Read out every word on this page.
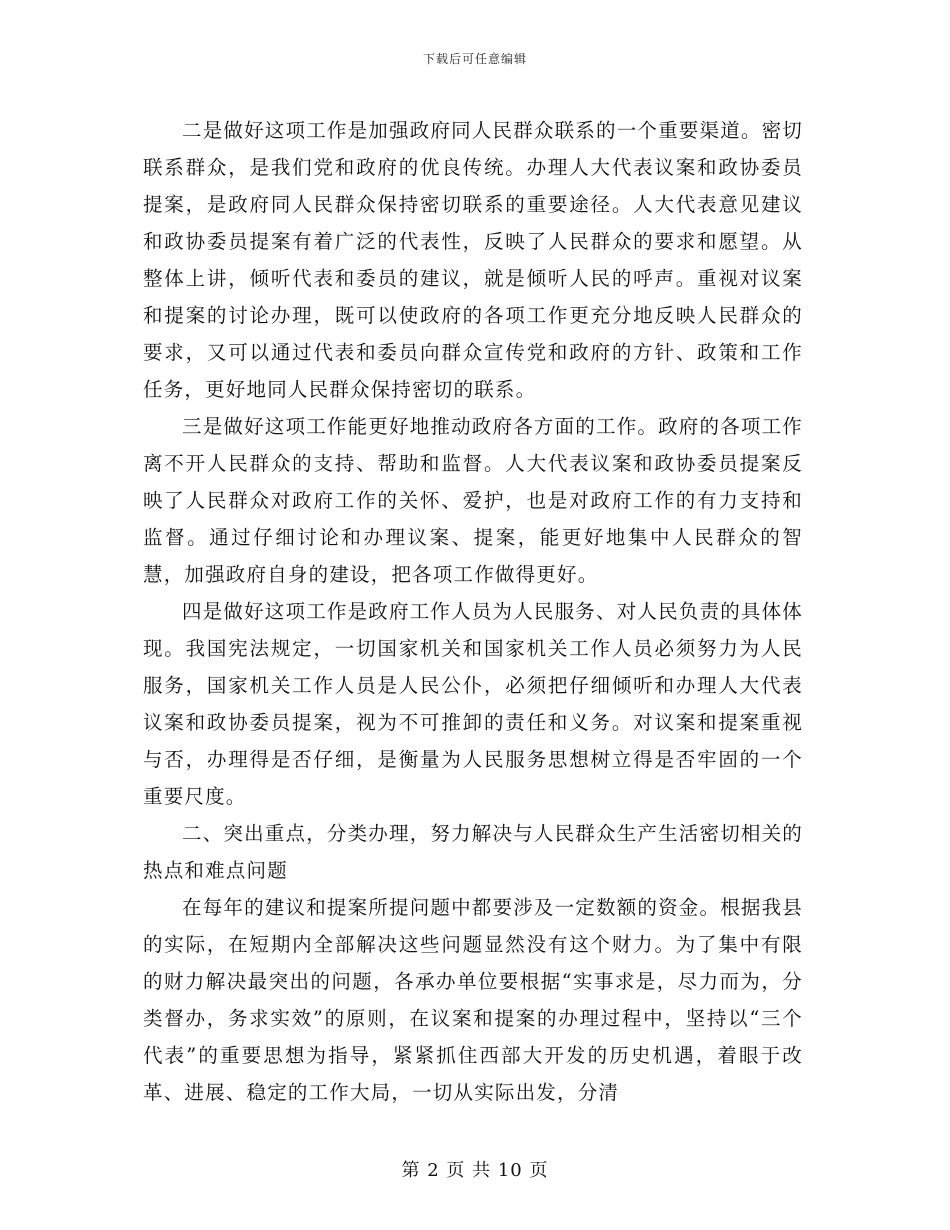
下载后可任意编辑

二是做好这项工作是加强政府同人民群众联系的一个重要渠道。密切联系群众，是我们党和政府的优良传统。办理人大代表议案和政协委员提案，是政府同人民群众保持密切联系的重要途径。人大代表意见建议和政协委员提案有着广泛的代表性，反映了人民群众的要求和愿望。从整体上讲，倾听代表和委员的建议，就是倾听人民的呼声。重视对议案和提案的讨论办理，既可以使政府的各项工作更充分地反映人民群众的要求，又可以通过代表和委员向群众宣传党和政府的方针、政策和工作任务，更好地同人民群众保持密切的联系。

三是做好这项工作能更好地推动政府各方面的工作。政府的各项工作离不开人民群众的支持、帮助和监督。人大代表议案和政协委员提案反映了人民群众对政府工作的关怀、爱护，也是对政府工作的有力支持和监督。通过仔细讨论和办理议案、提案，能更好地集中人民群众的智慧，加强政府自身的建设，把各项工作做得更好。

四是做好这项工作是政府工作人员为人民服务、对人民负责的具体体现。我国宪法规定，一切国家机关和国家机关工作人员必须努力为人民服务，国家机关工作人员是人民公仆，必须把仔细倾听和办理人大代表议案和政协委员提案，视为不可推卸的责任和义务。对议案和提案重视与否，办理得是否仔细，是衡量为人民服务思想树立得是否牢固的一个重要尺度。

二、突出重点，分类办理，努力解决与人民群众生产生活密切相关的热点和难点问题

在每年的建议和提案所提问题中都要涉及一定数额的资金。根据我县的实际，在短期内全部解决这些问题显然没有这个财力。为了集中有限的财力解决最突出的问题，各承办单位要根据“实事求是，尽力而为，分类督办，务求实效”的原则，在议案和提案的办理过程中，坚持以“三个代表”的重要思想为指导，紧紧抓住西部大开发的历史机遇，着眼于改革、进展、稳定的工作大局，一切从实际出发，分清

第 2 页 共 10 页
